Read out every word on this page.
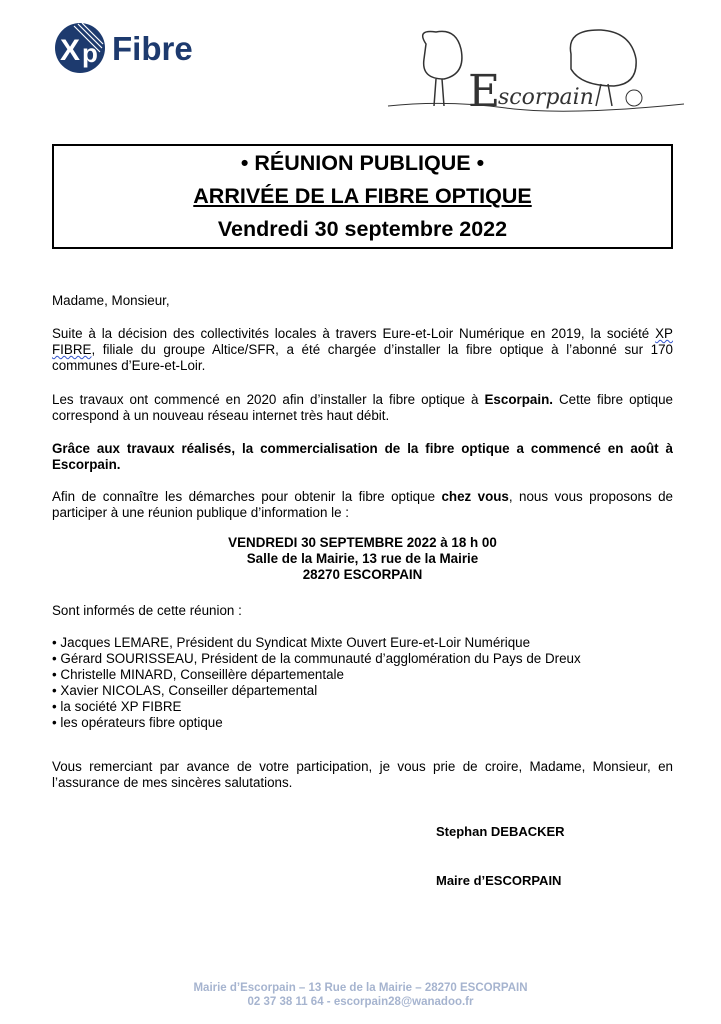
X p Fibre
E
scorpain
• RÉUNION PUBLIQUE •
ARRIVÉE DE LA FIBRE OPTIQUE
Vendredi 30 septembre 2022
Madame, Monsieur,
Suite à la décision des collectivités locales à travers Eure-et-Loir Numérique en 2019, la société XP FIBRE, filiale du groupe Altice/SFR, a été chargée d’installer la fibre optique à l’abonné sur 170 communes d’Eure-et-Loir.
Les travaux ont commencé en 2020 afin d’installer la fibre optique à Escorpain. Cette fibre optique correspond à un nouveau réseau internet très haut débit.
Grâce aux travaux réalisés, la commercialisation de la fibre optique a commencé en août à Escorpain.
Afin de connaître les démarches pour obtenir la fibre optique chez vous, nous vous proposons de participer à une réunion publique d’information le :
VENDREDI 30 SEPTEMBRE 2022 à 18 h 00
Salle de la Mairie, 13 rue de la Mairie
28270 ESCORPAIN
Sont informés de cette réunion :
• Jacques LEMARE, Président du Syndicat Mixte Ouvert Eure-et-Loir Numérique
• Gérard SOURISSEAU, Président de la communauté d’agglomération du Pays de Dreux
• Christelle MINARD, Conseillère départementale
• Xavier NICOLAS, Conseiller départemental
• la société XP FIBRE
• les opérateurs fibre optique
Vous remerciant par avance de votre participation, je vous prie de croire, Madame, Monsieur, en l’assurance de mes sincères salutations.
Stephan DEBACKER
Maire d’ESCORPAIN
Mairie d’Escorpain – 13 Rue de la Mairie – 28270 ESCORPAIN
02 37 38 11 64 - escorpain28@wanadoo.fr
